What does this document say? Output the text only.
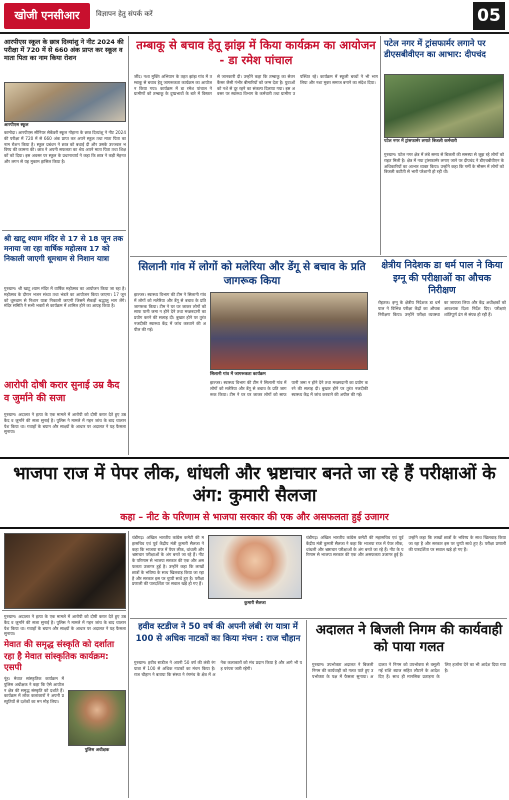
खोजी एनसीआर	विज्ञापन हेतु संपर्क करें	05
आरपीएस स्कूल के छात्र दिव्यांशु ने नीट 2024 की परीक्षा में 720 में से 660 अंक प्राप्त कर स्कूल व माता पिता का नाम किया रोशन
आरपीएस स्कूल

कामोदा। आरपीएस सीनियर सेकेंडरी स्कूल गोहाना के छात्र दिव्यांशु ने नीट 2024 की परीक्षा में 720 में से 660 अंक प्राप्त कर अपने स्कूल तथा माता पिता का नाम रोशन किया है। स्कूल प्रबंधन ने छात्र को बधाई दी और उसके उज्ज्वल भविष्य की कामना की। छात्र ने अपनी सफलता का श्रेय अपने माता पिता तथा शिक्षकों को दिया। इस अवसर पर स्कूल के प्रधानाचार्य ने कहा कि छात्र ने कड़ी मेहनत और लगन से यह मुकाम हासिल किया है।

श्री खाटू श्याम मंदिर से 17 से 18 जून तक मनाया जा रहा वार्षिक महोत्सव 17 को निकाली जाएगी धूमधाम से निशान यात्रा

गुरुग्राम। श्री खाटू श्याम मंदिर में वार्षिक महोत्सव का आयोजन किया जा रहा है। महोत्सव के दौरान भजन संध्या तथा भंडारे का आयोजन किया जाएगा। 17 जून को धूमधाम से निशान यात्रा निकाली जाएगी जिसमें सैकड़ों श्रद्धालु भाग लेंगे। मंदिर समिति ने सभी भक्तों से कार्यक्रम में शामिल होने का आग्रह किया है।

तम्बाकू से बचाव हेतू झांझ में किया कार्यक्रम का आयोजन - डा रमेश पांचाल

जींद। नशा मुक्ति अभियान के तहत झांझ गांव में तम्बाकू से बचाव हेतू जागरूकता कार्यक्रम का आयोजन किया गया। कार्यक्रम में डा रमेश पांचाल ने ग्रामीणों को तम्बाकू के दुष्प्रभावों के बारे में विस्तार से जानकारी दी। उन्होंने कहा कि तम्बाकू का सेवन कैंसर जैसी गंभीर बीमारियों को जन्म देता है। युवाओं को नशे से दूर रहने का संकल्प दिलाया गया। इस अवसर पर स्वास्थ्य विभाग के कर्मचारी तथा ग्रामीण उपस्थित रहे। कार्यक्रम में स्कूली बच्चों ने भी भाग लिया और नशा मुक्त समाज बनाने का संदेश दिया।

पटेल नगर में ट्रांसफार्मर लगाने पर डीएसबीवीएन का आभार: दीपचंद
पटेल नगर में ट्रांसफार्मर लगाते बिजली कर्मचारी

गुरुग्राम। पटेल नगर क्षेत्र में लंबे समय से बिजली की समस्या से जूझ रहे लोगों को राहत मिली है। क्षेत्र में नया ट्रांसफार्मर लगाए जाने पर दीपचंद ने डीएचबीवीएन के अधिकारियों का आभार व्यक्त किया। उन्होंने कहा कि गर्मी के मौसम में लोगों को बिजली कटौती से भारी परेशानी हो रही थी।

सिलानी गांव में लोगों को मलेरिया और डेंगू से बचाव के प्रति जागरूक किया

झज्जर। स्वास्थ्य विभाग की टीम ने सिलानी गांव में लोगों को मलेरिया और डेंगू से बचाव के प्रति जागरूक किया। टीम ने घर घर जाकर लोगों को साफ पानी जमा न होने देने तथा मच्छरदानी का प्रयोग करने की सलाह दी। बुखार होने पर तुरंत नजदीकी स्वास्थ्य केंद्र में जांच करवाने की अपील की गई।

सिलानी गांव में जागरूकता कार्यक्रम

झज्जर। स्वास्थ्य विभाग की टीम ने सिलानी गांव में लोगों को मलेरिया और डेंगू से बचाव के प्रति जागरूक किया। टीम ने घर घर जाकर लोगों को साफ पानी जमा न होने देने तथा मच्छरदानी का प्रयोग करने की सलाह दी। बुखार होने पर तुरंत नजदीकी स्वास्थ्य केंद्र में जांच करवाने की अपील की गई।

क्षेत्रीय निदेशक डा धर्म पाल ने किया इग्नू की परीक्षाओं का औचक निरीक्षण

रोहतक। इग्नू के क्षेत्रीय निदेशक डा धर्म पाल ने विभिन्न परीक्षा केंद्रों का औचक निरीक्षण किया। उन्होंने परीक्षा व्यवस्था का जायजा लिया और केंद्र अधीक्षकों को आवश्यक दिशा निर्देश दिए। परीक्षाएं शांतिपूर्ण ढंग से संपन्न हो रही हैं।

आरोपी दोषी करार सुनाई उम्र कैद व जुर्माने की सजा

गुरुग्राम। अदालत ने हत्या के एक मामले में आरोपी को दोषी करार देते हुए उम्र कैद व जुर्माने की सजा सुनाई है। पुलिस ने मामले में गहन जांच के बाद चालान पेश किया था। गवाहों के बयान और साक्ष्यों के आधार पर अदालत ने यह फैसला सुनाया।

भाजपा राज में पेपर लीक, धांधली और भ्रष्टाचार बनते जा रहे हैं परीक्षाओं के अंग: कुमारी सैलजा
कहा – नीट के परिणाम से भाजपा सरकार की एक और असफलता हुई उजागर

चंडीगढ़। अखिल भारतीय कांग्रेस कमेटी की महासचिव एवं पूर्व केंद्रीय मंत्री कुमारी सैलजा ने कहा कि भाजपा राज में पेपर लीक, धांधली और भ्रष्टाचार परीक्षाओं के अंग बनते जा रहे हैं। नीट के परिणाम से भाजपा सरकार की एक और असफलता उजागर हुई है। उन्होंने कहा कि लाखों छात्रों के भविष्य के साथ खिलवाड़ किया जा रहा है और सरकार इस पर चुप्पी साधे हुए है। परीक्षा प्रणाली की पारदर्शिता पर सवाल खड़े हो गए हैं।

कुमारी सैलजा

चंडीगढ़। अखिल भारतीय कांग्रेस कमेटी की महासचिव एवं पूर्व केंद्रीय मंत्री कुमारी सैलजा ने कहा कि भाजपा राज में पेपर लीक, धांधली और भ्रष्टाचार परीक्षाओं के अंग बनते जा रहे हैं। नीट के परिणाम से भाजपा सरकार की एक और असफलता उजागर हुई है। उन्होंने कहा कि लाखों छात्रों के भविष्य के साथ खिलवाड़ किया जा रहा है और सरकार इस पर चुप्पी साधे हुए है। परीक्षा प्रणाली की पारदर्शिता पर सवाल खड़े हो गए हैं।

गुरुग्राम। अदालत ने हत्या के एक मामले में आरोपी को दोषी करार देते हुए उम्र कैद व जुर्माने की सजा सुनाई है। पुलिस ने मामले में गहन जांच के बाद चालान पेश किया था। गवाहों के बयान और साक्ष्यों के आधार पर अदालत ने यह फैसला सुनाया।

मेवात की समृद्ध संस्कृति को दर्शाता रहा है मेवात सांस्कृतिक कार्यक्रम: एसपी

नूंह। मेवात सांस्कृतिक कार्यक्रम में पुलिस अधीक्षक ने कहा कि ऐसे आयोजन क्षेत्र की समृद्ध संस्कृति को दर्शाते हैं। कार्यक्रम में लोक कलाकारों ने अपनी प्रस्तुतियों से दर्शकों का मन मोह लिया।

पुलिस अधीक्षक
हवीव स्टडीज ने 50 वर्ष की अपनी लंबी रंग यात्रा में 100 से अधिक नाटकों का किया मंचन : राज चौहान

गुरुग्राम। हवीव स्टडीज ने अपनी 50 वर्ष की लंबी रंग यात्रा में 100 से अधिक नाटकों का मंचन किया है। राज चौहान ने बताया कि संस्था ने रंगमंच के क्षेत्र में अनेक कलाकारों को मंच प्रदान किया है और आगे भी यह परंपरा जारी रहेगी।

अदालत ने बिजली निगम की कार्यवाही को पाया गलत

गुरुग्राम। उपभोक्ता अदालत ने बिजली निगम की कार्यवाही को गलत पाते हुए उपभोक्ता के पक्ष में फैसला सुनाया। अदालत ने निगम को उपभोक्ता से वसूली गई राशि ब्याज सहित लौटाने के आदेश दिए हैं। साथ ही मानसिक प्रताड़ना के लिए हर्जाना देने का भी आदेश दिया गया है।
